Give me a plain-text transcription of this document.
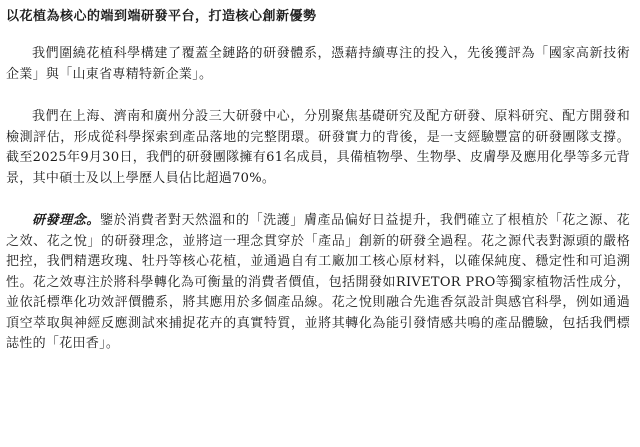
以花植為核心的端到端研發平台，打造核心創新優勢

我們圍繞花植科學構建了覆蓋全鏈路的研發體系，憑藉持續專注的投入，先後獲評為「國家高新技術企業」與「山東省專精特新企業」。

我們在上海、濟南和廣州分設三大研發中心，分別聚焦基礎研究及配方研發、原料研究、配方開發和檢測評估，形成從科學探索到產品落地的完整閉環。研發實力的背後，是一支經驗豐富的研發團隊支撐。截至2025年9月30日，我們的研發團隊擁有61名成員，具備植物學、生物學、皮膚學及應用化學等多元背景，其中碩士及以上學歷人員佔比超過70%。

研發理念。鑒於消費者對天然溫和的「洗護」膚產品偏好日益提升，我們確立了根植於「花之源、花之效、花之悅」的研發理念，並將這一理念貫穿於「產品」創新的研發全過程。花之源代表對源頭的嚴格把控，我們精選玫瑰、牡丹等核心花植，並通過自有工廠加工核心原材料，以確保純度、穩定性和可追溯性。花之效專注於將科學轉化為可衡量的消費者價值，包括開發如RIVETOR PRO等獨家植物活性成分，並依託標準化功效評價體系，將其應用於多個產品線。花之悅則融合先進香氛設計與感官科學，例如通過頂空萃取與神經反應測試來捕捉花卉的真實特質，並將其轉化為能引發情感共鳴的產品體驗，包括我們標誌性的「花田香」。
